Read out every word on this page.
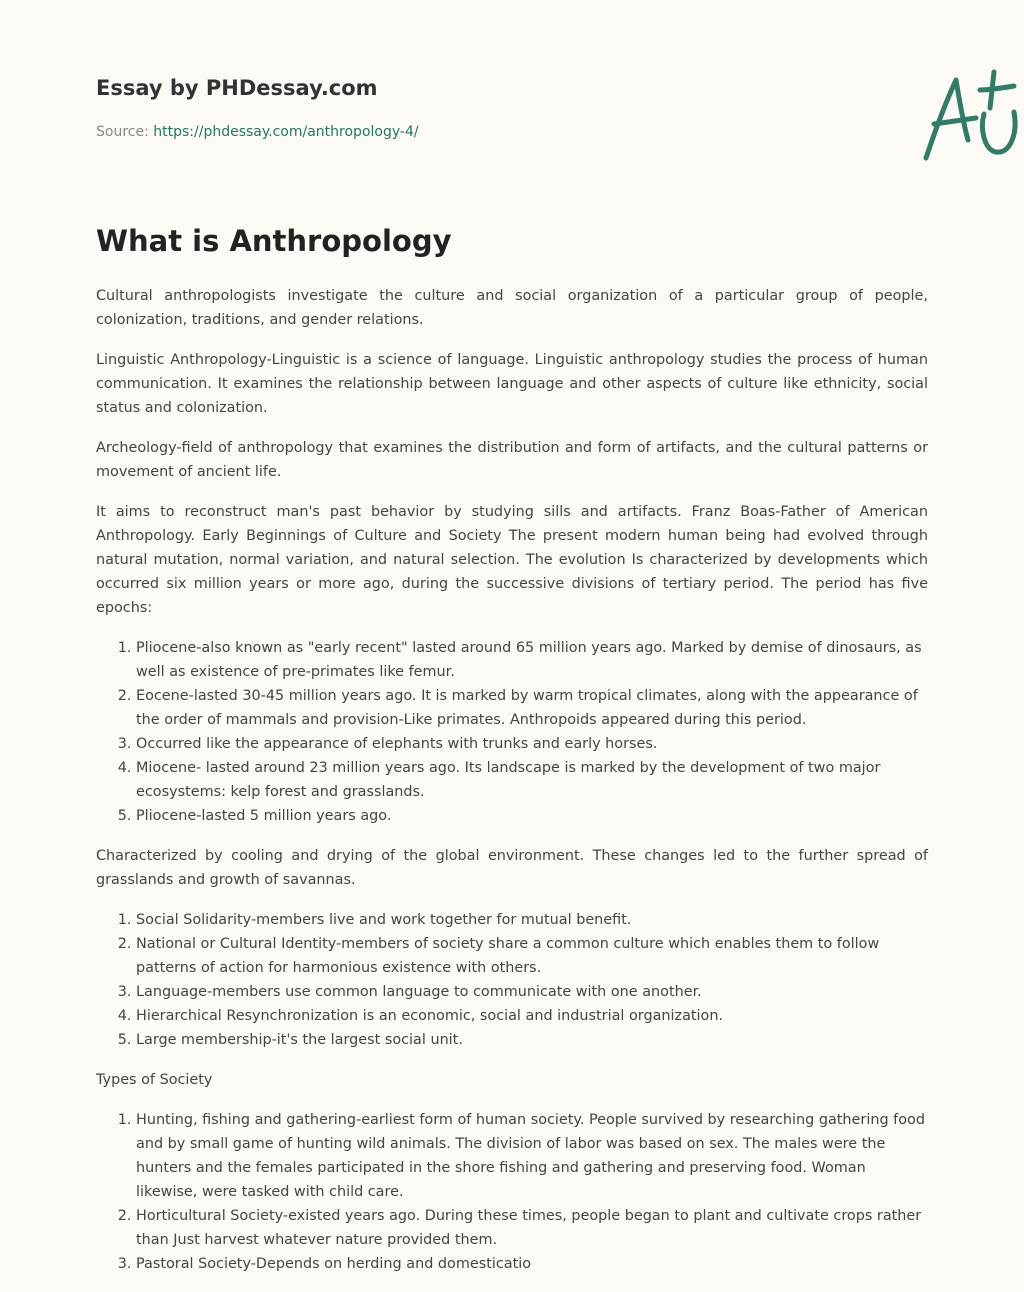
Essay by PHDessay.com
Source: https://phdessay.com/anthropology-4/
What is Anthropology

Cultural anthropologists investigate the culture and social organization of a particular group of people, colonization, traditions, and gender relations.

Linguistic Anthropology-Linguistic is a science of language. Linguistic anthropology studies the process of human communication. It examines the relationship between language and other aspects of culture like ethnicity, social status and colonization.

Archeology-field of anthropology that examines the distribution and form of artifacts, and the cultural patterns or movement of ancient life.

It aims to reconstruct man's past behavior by studying sills and artifacts. Franz Boas-Father of American Anthropology. Early Beginnings of Culture and Society The present modern human being had evolved through natural mutation, normal variation, and natural selection. The evolution Is characterized by developments which occurred six million years or more ago, during the successive divisions of tertiary period. The period has five epochs:

1. Pliocene-also known as "early recent" lasted around 65 million years ago. Marked by demise of dinosaurs, as well as existence of pre-primates like femur.
2. Eocene-lasted 30-45 million years ago. It is marked by warm tropical climates, along with the appearance of the order of mammals and provision-Like primates. Anthropoids appeared during this period.
3. Occurred like the appearance of elephants with trunks and early horses.
4. Miocene- lasted around 23 million years ago. Its landscape is marked by the development of two major ecosystems: kelp forest and grasslands.
5. Pliocene-lasted 5 million years ago.

Characterized by cooling and drying of the global environment. These changes led to the further spread of grasslands and growth of savannas.

1. Social Solidarity-members live and work together for mutual benefit.
2. National or Cultural Identity-members of society share a common culture which enables them to follow patterns of action for harmonious existence with others.
3. Language-members use common language to communicate with one another.
4. Hierarchical Resynchronization is an economic, social and industrial organization.
5. Large membership-it's the largest social unit.

Types of Society

1. Hunting, fishing and gathering-earliest form of human society. People survived by researching gathering food and by small game of hunting wild animals. The division of labor was based on sex. The males were the hunters and the females participated in the shore fishing and gathering and preserving food. Woman likewise, were tasked with child care.
2. Horticultural Society-existed years ago. During these times, people began to plant and cultivate crops rather than Just harvest whatever nature provided them.
3. Pastoral Society-Depends on herding and domesticatio
